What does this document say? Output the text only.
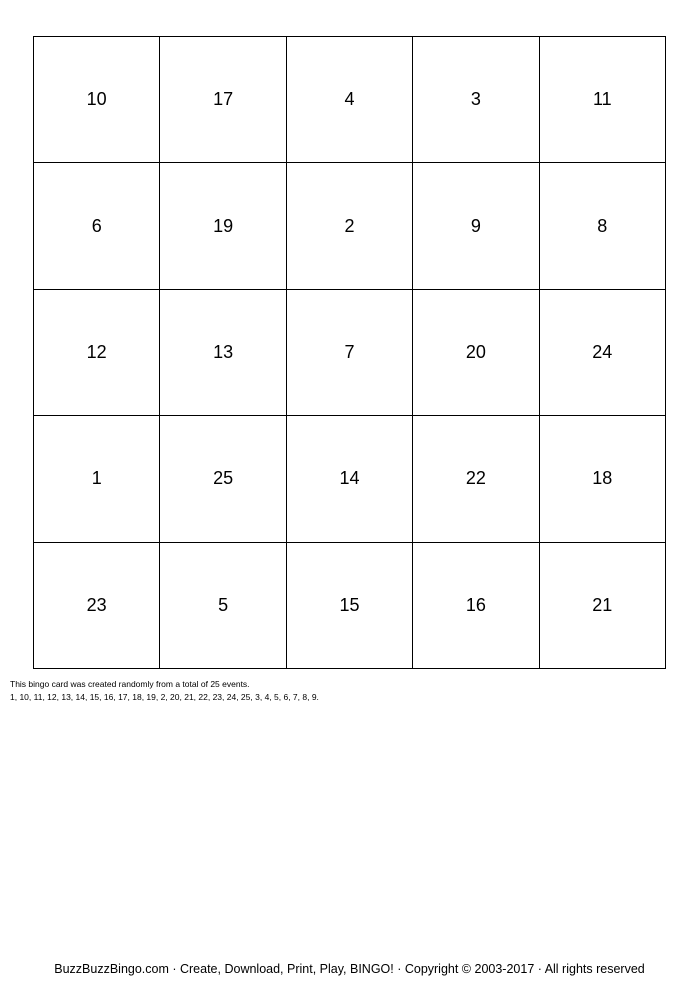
10	17	4	3	11
6	19	2	9	8
12	13	7	20	24
1	25	14	22	18
23	5	15	16	21
This bingo card was created randomly from a total of 25 events.
1, 10, 11, 12, 13, 14, 15, 16, 17, 18, 19, 2, 20, 21, 22, 23, 24, 25, 3, 4, 5, 6, 7, 8, 9.
BuzzBuzzBingo.com · Create, Download, Print, Play, BINGO! · Copyright © 2003-2017 · All rights reserved
